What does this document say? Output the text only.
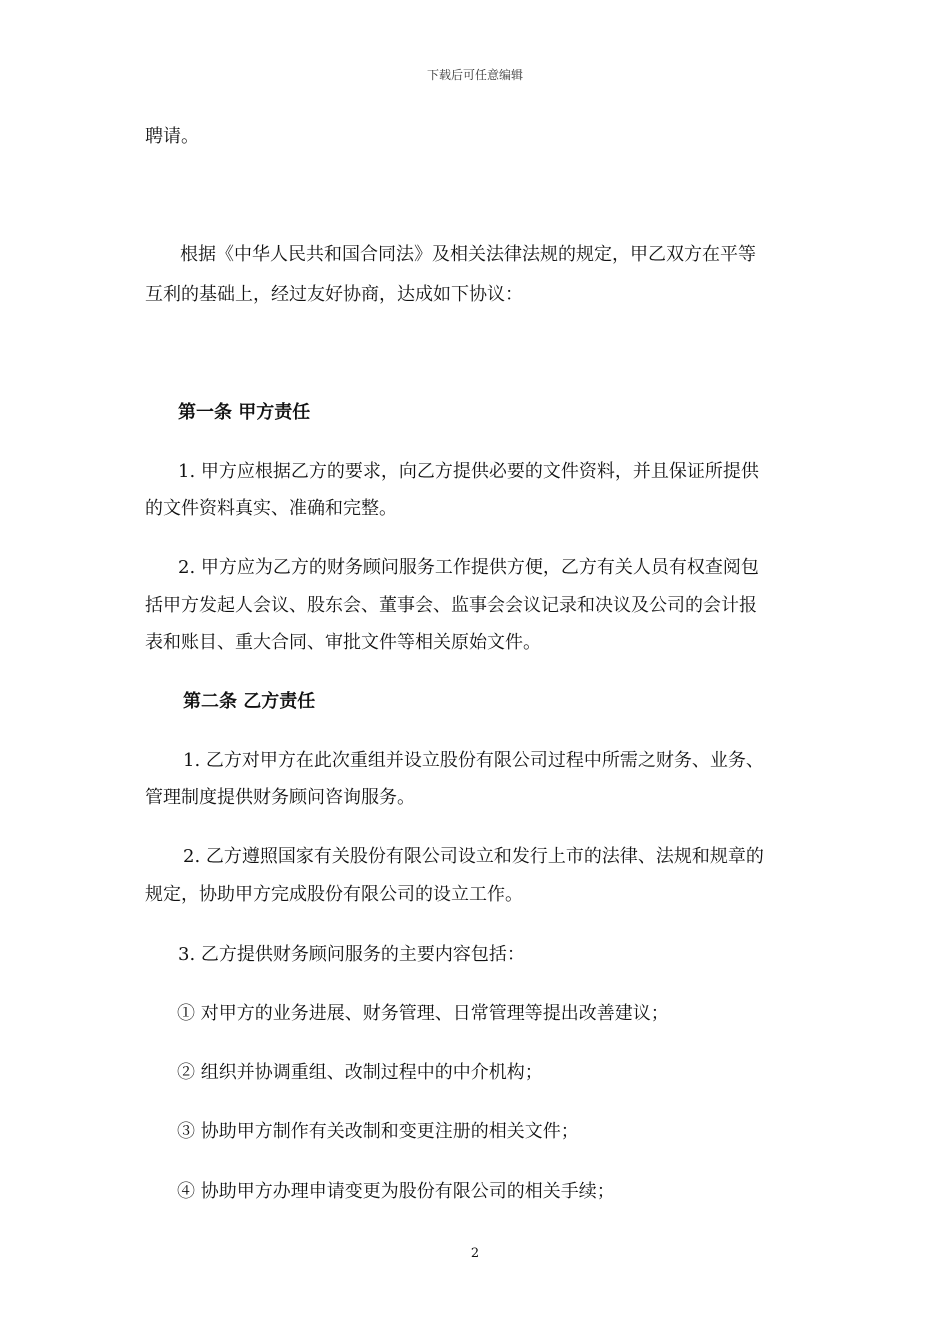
下载后可任意编辑

聘请。

根据《中华人民共和国合同法》及相关法律法规的规定，甲乙双方在平等

互利的基础上，经过友好协商，达成如下协议：

第一条 甲方责任

1. 甲方应根据乙方的要求，向乙方提供必要的文件资料，并且保证所提供

的文件资料真实、准确和完整。

2. 甲方应为乙方的财务顾问服务工作提供方便，乙方有关人员有权查阅包

括甲方发起人会议、股东会、董事会、监事会会议记录和决议及公司的会计报

表和账目、重大合同、审批文件等相关原始文件。

第二条 乙方责任

1. 乙方对甲方在此次重组并设立股份有限公司过程中所需之财务、业务、

管理制度提供财务顾问咨询服务。

2. 乙方遵照国家有关股份有限公司设立和发行上市的法律、法规和规章的

规定，协助甲方完成股份有限公司的设立工作。

3. 乙方提供财务顾问服务的主要内容包括：

① 对甲方的业务进展、财务管理、日常管理等提出改善建议；

② 组织并协调重组、改制过程中的中介机构；

③ 协助甲方制作有关改制和变更注册的相关文件；

④ 协助甲方办理申请变更为股份有限公司的相关手续；

2
